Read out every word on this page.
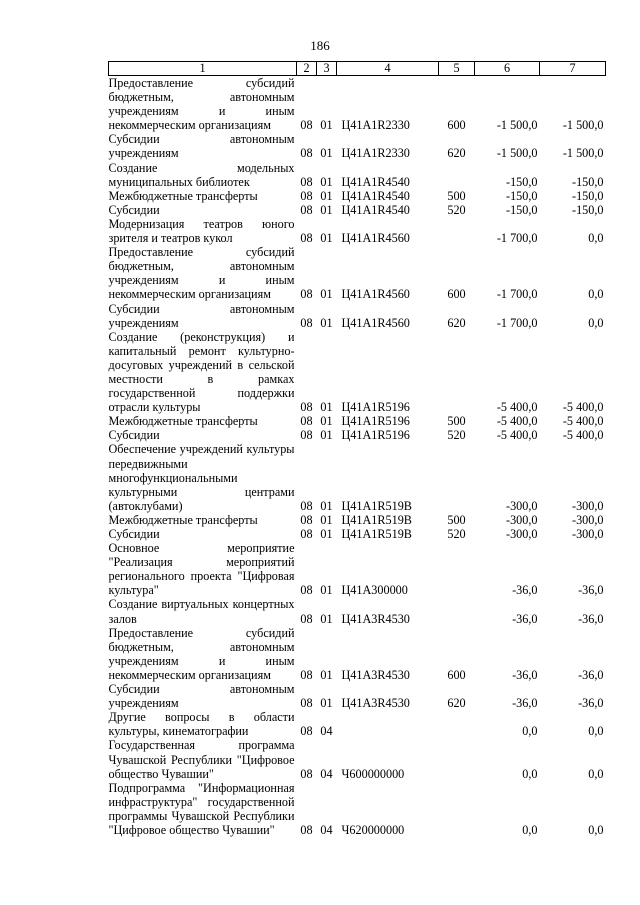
186
1	2	3	4	5	6	7
Предоставление субсидий бюджетным, автономным учреждениям и иным некоммерческим организациям	08	01	Ц41A1R2330	600	-1 500,0	-1 500,0
Субсидии автономным учреждениям	08	01	Ц41A1R2330	620	-1 500,0	-1 500,0
Создание модельных муниципальных библиотек	08	01	Ц41A1R4540		-150,0	-150,0
Межбюджетные трансферты	08	01	Ц41A1R4540	500	-150,0	-150,0
Субсидии	08	01	Ц41A1R4540	520	-150,0	-150,0
Модернизация театров юного зрителя и театров кукол	08	01	Ц41A1R4560		-1 700,0	0,0
Предоставление субсидий бюджетным, автономным учреждениям и иным некоммерческим организациям	08	01	Ц41A1R4560	600	-1 700,0	0,0
Субсидии автономным учреждениям	08	01	Ц41A1R4560	620	-1 700,0	0,0
Создание (реконструкция) и капитальный ремонт культурно-досуговых учреждений в сельской местности в рамках государственной поддержки отрасли культуры	08	01	Ц41A1R5196		-5 400,0	-5 400,0
Межбюджетные трансферты	08	01	Ц41A1R5196	500	-5 400,0	-5 400,0
Субсидии	08	01	Ц41A1R5196	520	-5 400,0	-5 400,0
Обеспечение учреждений культуры передвижными многофункциональными культурными центрами (автоклубами)	08	01	Ц41A1R519B		-300,0	-300,0
Межбюджетные трансферты	08	01	Ц41A1R519B	500	-300,0	-300,0
Субсидии	08	01	Ц41A1R519B	520	-300,0	-300,0
Основное мероприятие "Реализация мероприятий регионального проекта "Цифровая культура"	08	01	Ц41A300000		-36,0	-36,0
Создание виртуальных концертных залов	08	01	Ц41A3R4530		-36,0	-36,0
Предоставление субсидий бюджетным, автономным учреждениям и иным некоммерческим организациям	08	01	Ц41A3R4530	600	-36,0	-36,0
Субсидии автономным учреждениям	08	01	Ц41A3R4530	620	-36,0	-36,0
Другие вопросы в области культуры, кинематографии	08	04			0,0	0,0
Государственная программа Чувашской Республики "Цифровое общество Чувашии"	08	04	Ч600000000		0,0	0,0
Подпрограмма "Информационная инфраструктура" государственной программы Чувашской Республики "Цифровое общество Чувашии"	08	04	Ч620000000		0,0	0,0
